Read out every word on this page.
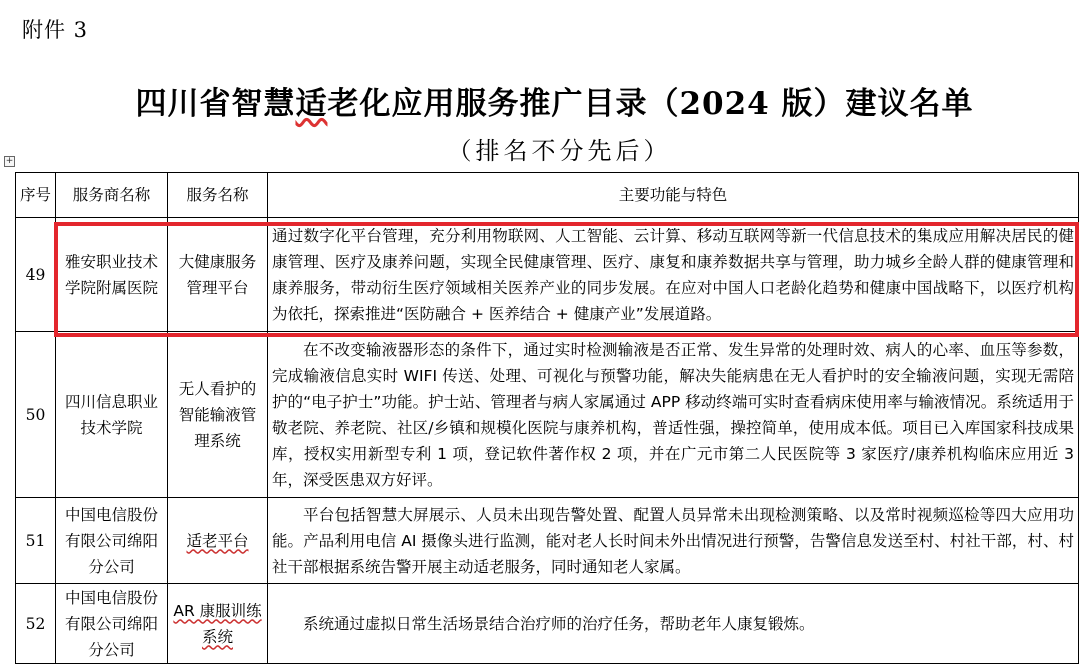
附件 3
四川省智慧适老化应用服务推广目录（2024 版）建议名单
（排名不分先后）
+
序号	服务商名称	服务名称	主要功能与特色
49	雅安职业技术学院附属医院	大健康服务管理平台	通过数字化平台管理，充分利用物联网、人工智能、云计算、移动互联网等新一代信息技术的集成应用解决居民的健康管理、医疗及康养问题，实现全民健康管理、医疗、康复和康养数据共享与管理，助力城乡全龄人群的健康管理和康养服务，带动衍生医疗领域相关医养产业的同步发展。在应对中国人口老龄化趋势和健康中国战略下，以医疗机构为依托，探索推进“医防融合 + 医养结合 + 健康产业”发展道路。
50	四川信息职业技术学院	无人看护的智能输液管理系统	在不改变输液器形态的条件下，通过实时检测输液是否正常、发生异常的处理时效、病人的心率、血压等参数，完成输液信息实时 WIFI 传送、处理、可视化与预警功能，解决失能病患在无人看护时的安全输液问题，实现无需陪护的“电子护士”功能。护士站、管理者与病人家属通过 APP 移动终端可实时查看病床使用率与输液情况。系统适用于敬老院、养老院、社区/乡镇和规模化医院与康养机构，普适性强，操控简单，使用成本低。项目已入库国家科技成果库，授权实用新型专利 1 项，登记软件著作权 2 项，并在广元市第二人民医院等 3 家医疗/康养机构临床应用近 3 年，深受医患双方好评。
51	中国电信股份有限公司绵阳分公司	适老平台	平台包括智慧大屏展示、人员未出现告警处置、配置人员异常未出现检测策略、以及常时视频巡检等四大应用功能。产品利用电信 AI 摄像头进行监测，能对老人长时间未外出情况进行预警，告警信息发送至村、村社干部，村、村社干部根据系统告警开展主动适老服务，同时通知老人家属。
52	中国电信股份有限公司绵阳分公司	AR 康服训练系统	系统通过虚拟日常生活场景结合治疗师的治疗任务，帮助老年人康复锻炼。
